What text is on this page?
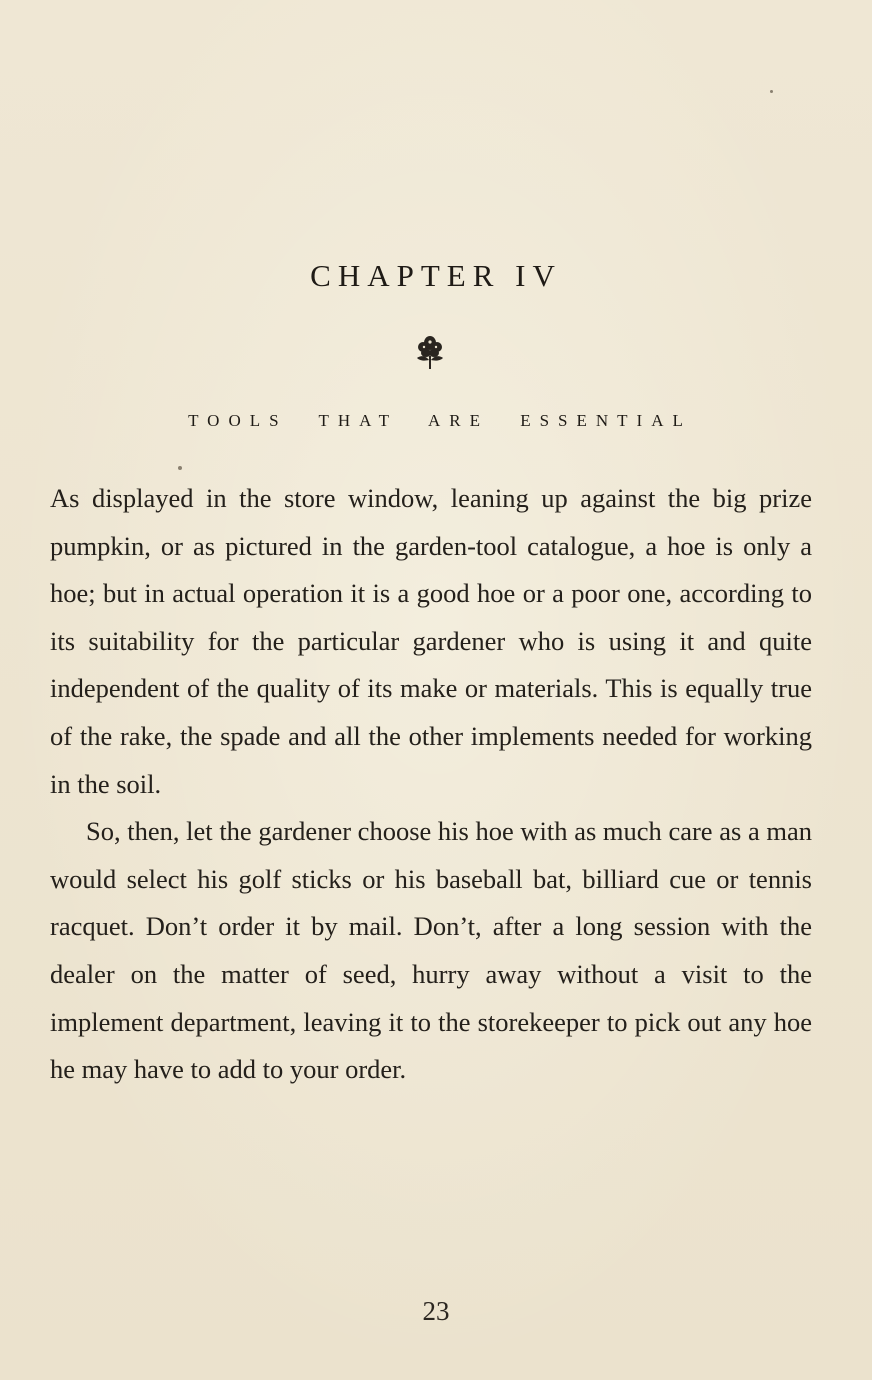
CHAPTER IV
TOOLS THAT ARE ESSENTIAL

As displayed in the store window, leaning up against the big prize pumpkin, or as pictured in the garden-tool catalogue, a hoe is only a hoe; but in actual operation it is a good hoe or a poor one, according to its suitability for the particular gardener who is using it and quite independent of the quality of its make or materials. This is equally true of the rake, the spade and all the other implements needed for working in the soil.

So, then, let the gardener choose his hoe with as much care as a man would select his golf sticks or his baseball bat, billiard cue or tennis racquet. Don’t order it by mail. Don’t, after a long session with the dealer on the matter of seed, hurry away without a visit to the implement department, leaving it to the storekeeper to pick out any hoe he may have to add to your order.

23
